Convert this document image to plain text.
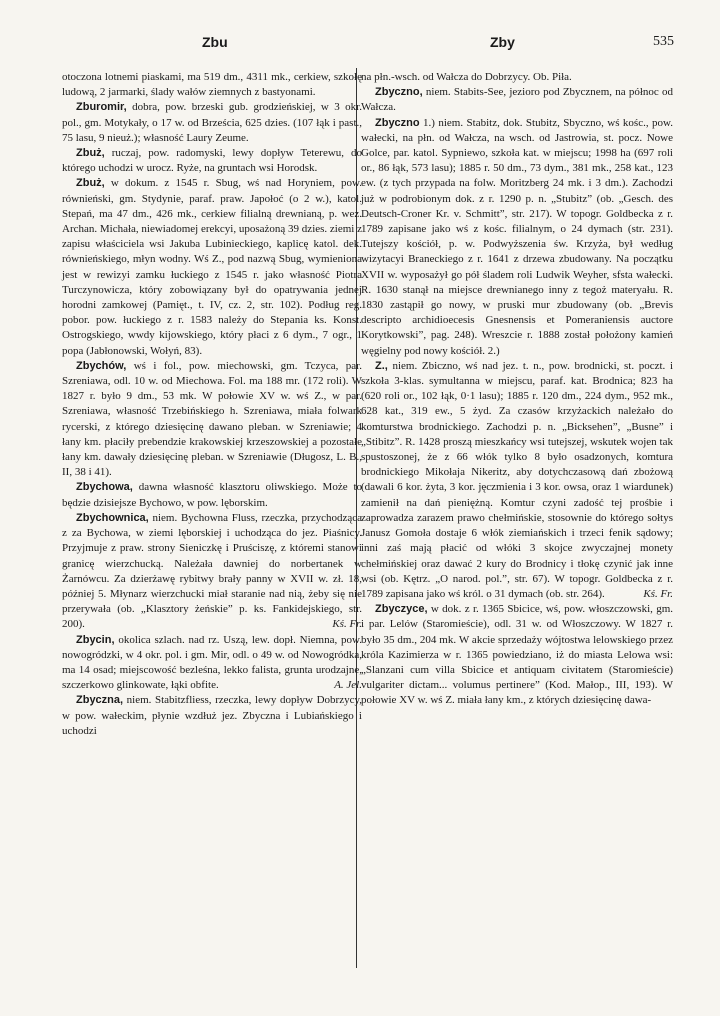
Zbu	Zby	535

otoczona lotnemi piaskami, ma 519 dm., 4311 mk., cerkiew, szkołę ludową, 2 jarmarki, ślady wałów ziemnych z bastyonami.

Zburomir, dobra, pow. brzeski gub. grodzieńskiej, w 3 okr. pol., gm. Motykały, o 17 w. od Brześcia, 625 dzies. (107 łąk i past., 75 lasu, 9 nieuż.); własność Laury Zeume.

Zbuż, ruczaj, pow. radomyski, lewy dopływ Teterewu, do którego uchodzi w urocz. Ryże, na gruntach wsi Horodsk.

Zbuż, w dokum. z 1545 r. Sbug, wś nad Horyniem, pow. równieński, gm. Stydynie, paraf. praw. Japołoć (o 2 w.), katol. Stepań, ma 47 dm., 426 mk., cerkiew filialną drewnianą, p. wez. Archan. Michała, niewiadomej erekcyi, uposażoną 39 dzies. ziemi z zapisu właściciela wsi Jakuba Lubinieckiego, kaplicę katol. dek. równieńskiego, młyn wodny. Wś Z., pod nazwą Sbug, wymieniona jest w rewizyi zamku łuckiego z 1545 r. jako własność Piotra Turczynowicza, który zobowiązany był do opatrywania jednej horodni zamkowej (Pamięt., t. IV, cz. 2, str. 102). Podług reg. pobor. pow. łuckiego z r. 1583 należy do Stepania ks. Konst. Ostrogskiego, wwdy kijowskiego, który płaci z 6 dym., 7 ogr., 1 popa (Jabłonowski, Wołyń, 83).

Zbychów, wś i fol., pow. miechowski, gm. Tczyca, par. Szreniawa, odl. 10 w. od Miechowa. Fol. ma 188 mr. (172 roli). W 1827 r. było 9 dm., 53 mk. W połowie XV w. wś Z., w par. Szreniawa, własność Trzebińskiego h. Szreniawa, miała folwark rycerski, z którego dziesięcinę dawano pleban. w Szreniawie; 4 łany km. płaciły prebendzie krakowskiej krzeszowskiej a pozostałe łany km. dawały dziesięcinę pleban. w Szreniawie (Długosz, L. B., II, 38 i 41).

Zbychowa, dawna własność klasztoru oliwskiego. Może to będzie dzisiejsze Bychowo, w pow. lęborskim.

Zbychownica, niem. Bychowna Fluss, rzeczka, przychodząca z za Bychowa, w ziemi lęborskiej i uchodząca do jez. Piaśnicy. Przyjmuje z praw. strony Sieniczkę i Pruściszę, z któremi stanowi granicę wierzchucką. Należała dawniej do norbertanek w Żarnówcu. Za dzierżawę rybitwy brały panny w XVII w. zł. 18, później 5. Młynarz wierzchucki miał staranie nad nią, żeby się nie przerywała (ob. „Klasztory żeńskie” p. ks. Fankidejskiego, str. 200).	Kś. Fr.

Zbycin, okolica szlach. nad rz. Uszą, lew. dopł. Niemna, pow. nowogródzki, w 4 okr. pol. i gm. Mir, odl. o 49 w. od Nowogródka, ma 14 osad; miejscowość bezleśna, lekko falista, grunta urodzajne, szczerkowo glinkowate, łąki obfite.	A. Jel.

Zbyczna, niem. Stabitzfliess, rzeczka, lewy dopływ Dobrzycy, w pow. wałeckim, płynie wzdłuż jez. Zbyczna i Lubiańskiego i uchodzi

na płn.-wsch. od Wałcza do Dobrzycy. Ob. Piła.

Zbyczno, niem. Stabits-See, jezioro pod Zbycznem, na północ od Wałcza.

Zbyczno 1.) niem. Stabitz, dok. Stubitz, Sbyczno, wś kośc., pow. wałecki, na płn. od Wałcza, na wsch. od Jastrowia, st. pocz. Nowe Golce, par. katol. Sypniewo, szkoła kat. w miejscu; 1998 ha (697 roli or., 86 łąk, 573 lasu); 1885 r. 50 dm., 73 dym., 381 mk., 258 kat., 123 ew. (z tych przypada na folw. Moritzberg 24 mk. i 3 dm.). Zachodzi już w podrobionym dok. z r. 1290 p. n. „Stubitz” (ob. „Gesch. des Deutsch-Croner Kr. v. Schmitt”, str. 217). W topogr. Goldbecka z r. 1789 zapisane jako wś z kośc. filialnym, o 24 dymach (str. 231). Tutejszy kościół, p. w. Podwyższenia św. Krzyża, był według wizytacyi Braneckiego z r. 1641 z drzewa zbudowany. Na początku XVII w. wyposażył go pół śladem roli Ludwik Weyher, sfsta wałecki. R. 1630 stanął na miejsce drewnianego inny z tegoż materyału. R. 1830 zastąpił go nowy, w pruski mur zbudowany (ob. „Brevis descripto archidioecesis Gnesnensis et Pomeraniensis auctore Korytkowski”, pag. 248). Wreszcie r. 1888 został położony kamień węgielny pod nowy kościół. 2.)

Z., niem. Zbiczno, wś nad jez. t. n., pow. brodnicki, st. poczt. i szkoła 3-klas. symultanna w miejscu, paraf. kat. Brodnica; 823 ha (620 roli or., 102 łąk, 0·1 lasu); 1885 r. 120 dm., 224 dym., 952 mk., 628 kat., 319 ew., 5 żyd. Za czasów krzyżackich należało do komturstwa brodnickiego. Zachodzi p. n. „Bicksehen”, „Busne” i „Stibitz”. R. 1428 proszą mieszkańcy wsi tutejszej, wskutek wojen tak spustoszonej, że z 66 włók tylko 8 było osadzonych, komtura brodnickiego Mikołaja Nikeritz, aby dotychczasową dań zbożową (dawali 6 kor. żyta, 3 kor. jęczmienia i 3 kor. owsa, oraz 1 wiardunek) zamienił na dań pieniężną. Komtur czyni zadość tej prośbie i zaprowadza zarazem prawo chełmińskie, stosownie do którego sołtys Janusz Gomoła dostaje 6 włók ziemiańskich i trzeci fenik sądowy; inni zaś mają płacić od włóki 3 skojce zwyczajnej monety chełmińskiej oraz dawać 2 kury do Brodnicy i tłokę czynić jak inne wsi (ob. Kętrz. „O narod. pol.”, str. 67). W topogr. Goldbecka z r. 1789 zapisana jako wś król. o 31 dymach (ob. str. 264).	Kś. Fr.

Zbyczyce, w dok. z r. 1365 Sbicice, wś, pow. włoszczowski, gm. i par. Lelów (Staromieście), odl. 31 w. od Włoszczowy. W 1827 r. było 35 dm., 204 mk. W akcie sprzedaży wójtostwa lelowskiego przez króla Kazimierza w r. 1365 powiedziano, iż do miasta Lelowa wsi: „Slanzani cum villa Sbicice et antiquam civitatem (Staromieście) vulgariter dictam... volumus pertinere” (Kod. Małop., III, 193). W połowie XV w. wś Z. miała łany km., z których dziesięcinę dawa-
